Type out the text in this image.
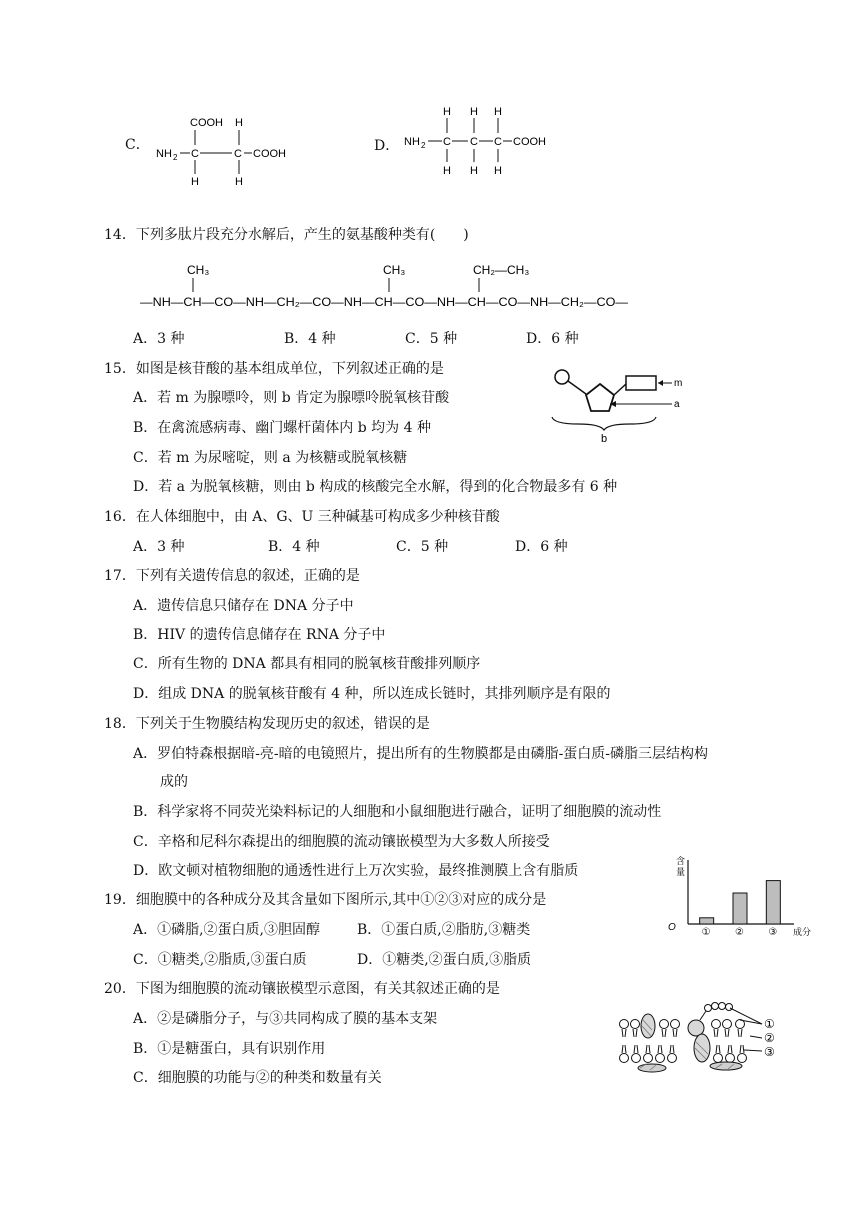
C．
COOH H
NH 2 C	C COOH
H	H
D．
H H H
NH 2 C C C COOH
H H H
14．下列多肽片段充分水解后，产生的氨基酸种类有(　　)
CH₃	CH₃	CH₂—CH₃
—NH—CH—CO—NH—CH₂—CO—NH—CH—CO—NH—CH—CO—NH—CH₂—CO—
A．3 种	B．4 种	C．5 种	D．6 种
15．如图是核苷酸的基本组成单位，下列叙述正确的是
A．若 m 为腺嘌呤，则 b 肯定为腺嘌呤脱氧核苷酸
B．在禽流感病毒、幽门螺杆菌体内 b 均为 4 种
C．若 m 为尿嘧啶，则 a 为核糖或脱氧核糖
D．若 a 为脱氧核糖，则由 b 构成的核酸完全水解，得到的化合物最多有 6 种
m
a
b
16．在人体细胞中，由 A、G、U 三种碱基可构成多少种核苷酸
A．3 种	B．4 种	C．5 种	D．6 种
17．下列有关遗传信息的叙述，正确的是
A．遗传信息只储存在 DNA 分子中
B．HIV 的遗传信息储存在 RNA 分子中
C．所有生物的 DNA 都具有相同的脱氧核苷酸排列顺序
D．组成 DNA 的脱氧核苷酸有 4 种，所以连成长链时，其排列顺序是有限的
18．下列关于生物膜结构发现历史的叙述，错误的是
A．罗伯特森根据暗-亮-暗的电镜照片，提出所有的生物膜都是由磷脂-蛋白质-磷脂三层结构构
成的
B．科学家将不同荧光染料标记的人细胞和小鼠细胞进行融合，证明了细胞膜的流动性
C．辛格和尼科尔森提出的细胞膜的流动镶嵌模型为大多数人所接受
D．欧文顿对植物细胞的通透性进行上万次实验，最终推测膜上含有脂质
19．细胞膜中的各种成分及其含量如下图所示,其中①②③对应的成分是
A．①磷脂,②蛋白质,③胆固醇	B．①蛋白质,②脂肪,③糖类
C．①糖类,②脂质,③蛋白质	D．①糖类,②蛋白质,③脂质
含
量
O	成分
① ② ③
20．下图为细胞膜的流动镶嵌模型示意图，有关其叙述正确的是
A．②是磷脂分子，与③共同构成了膜的基本支架
B．①是糖蛋白，具有识别作用
C．细胞膜的功能与②的种类和数量有关
①
②
③
